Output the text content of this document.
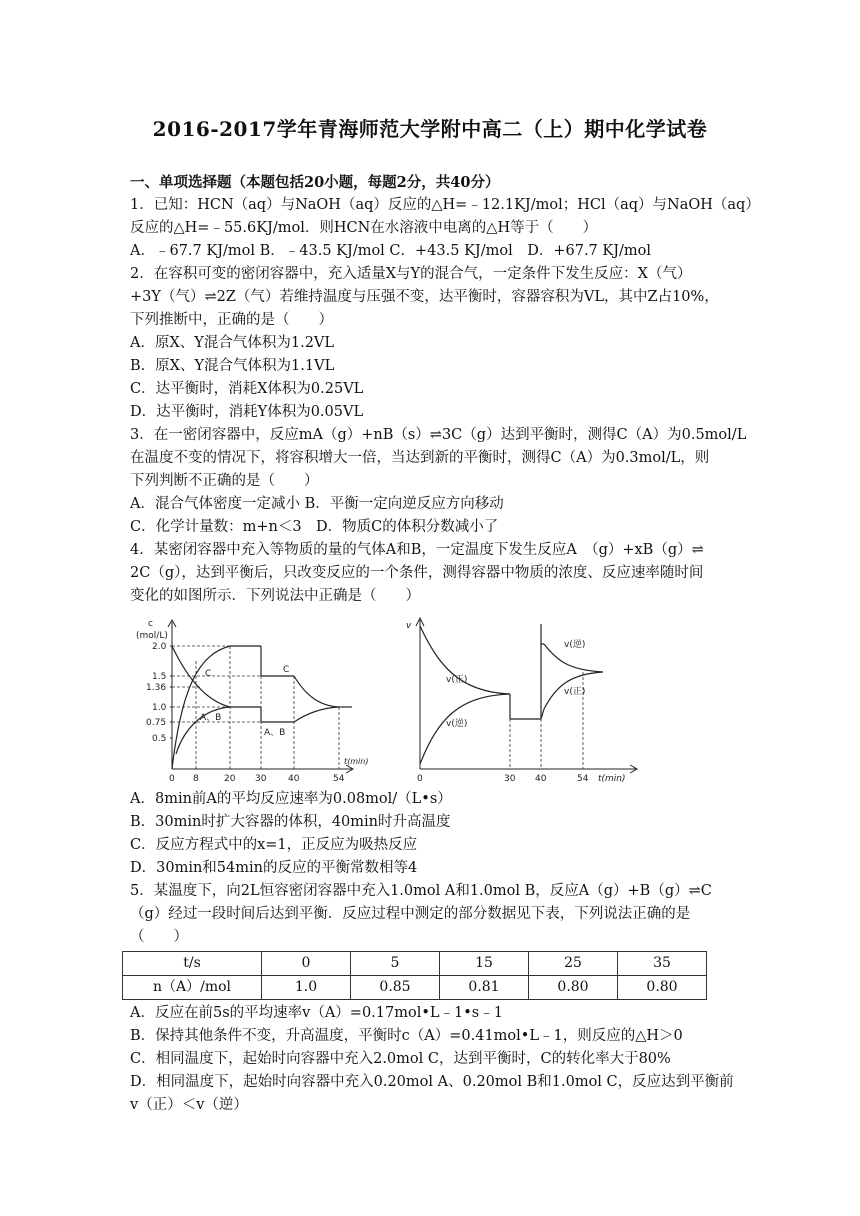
2016-2017学年青海师范大学附中高二（上）期中化学试卷
一、单项选择题（本题包括20小题，每题2分，共40分）
1．已知：HCN（aq）与NaOH（aq）反应的△H=﹣12.1KJ/mol；HCl（aq）与NaOH（aq）
反应的△H=﹣55.6KJ/mol．则HCN在水溶液中电离的△H等于（　　）
A．﹣67.7 KJ/mol B．﹣43.5 KJ/mol C．+43.5 KJ/mol　D．+67.7 KJ/mol
2．在容积可变的密闭容器中，充入适量X与Y的混合气，一定条件下发生反应：X（气）
+3Y（气）⇌2Z（气）若维持温度与压强不变，达平衡时，容器容积为VL，其中Z占10%，
下列推断中，正确的是（　　）
A．原X、Y混合气体积为1.2VL
B．原X、Y混合气体积为1.1VL
C．达平衡时，消耗X体积为0.25VL
D．达平衡时，消耗Y体积为0.05VL
3．在一密闭容器中，反应mA（g）+nB（s）⇌3C（g）达到平衡时，测得C（A）为0.5mol/L
在温度不变的情况下，将容积增大一倍，当达到新的平衡时，测得C（A）为0.3mol/L，则
下列判断不正确的是（　　）
A．混合气体密度一定减小 B．平衡一定向逆反应方向移动
C．化学计量数：m+n＜3　D．物质C的体积分数减小了
4．某密闭容器中充入等物质的量的气体A和B，一定温度下发生反应A　（g）+xB（g）⇌
2C（g），达到平衡后，只改变反应的一个条件，测得容器中物质的浓度、反应速率随时间
变化的如图所示．下列说法中正确是（　　）
c
(mol/L)
2.0
1.5
1.36
1.0
0.75
0.5
0 8	20 30 40	54
t(min)
C	C
A、B
A、B
v
0	30 40	54 t(min)
v(正)
v(逆)
v(逆)
v(正)
A．8min前A的平均反应速率为0.08mol/（L•s）
B．30min时扩大容器的体积，40min时升高温度
C．反应方程式中的x=1，正反应为吸热反应
D．30min和54min的反应的平衡常数相等4
5．某温度下，向2L恒容密闭容器中充入1.0mol A和1.0mol B，反应A（g）+B（g）⇌C
（g）经过一段时间后达到平衡．反应过程中测定的部分数据见下表，下列说法正确的是
（　　）
t/s	0	5	15	25	35
n（A）/mol	1.0	0.85	0.81	0.80	0.80
A．反应在前5s的平均速率v（A）=0.17mol•L﹣1•s﹣1
B．保持其他条件不变，升高温度，平衡时c（A）=0.41mol•L﹣1，则反应的△H＞0
C．相同温度下，起始时向容器中充入2.0mol C，达到平衡时，C的转化率大于80%
D．相同温度下，起始时向容器中充入0.20mol A、0.20mol B和1.0mol C，反应达到平衡前
v（正）＜v（逆）
